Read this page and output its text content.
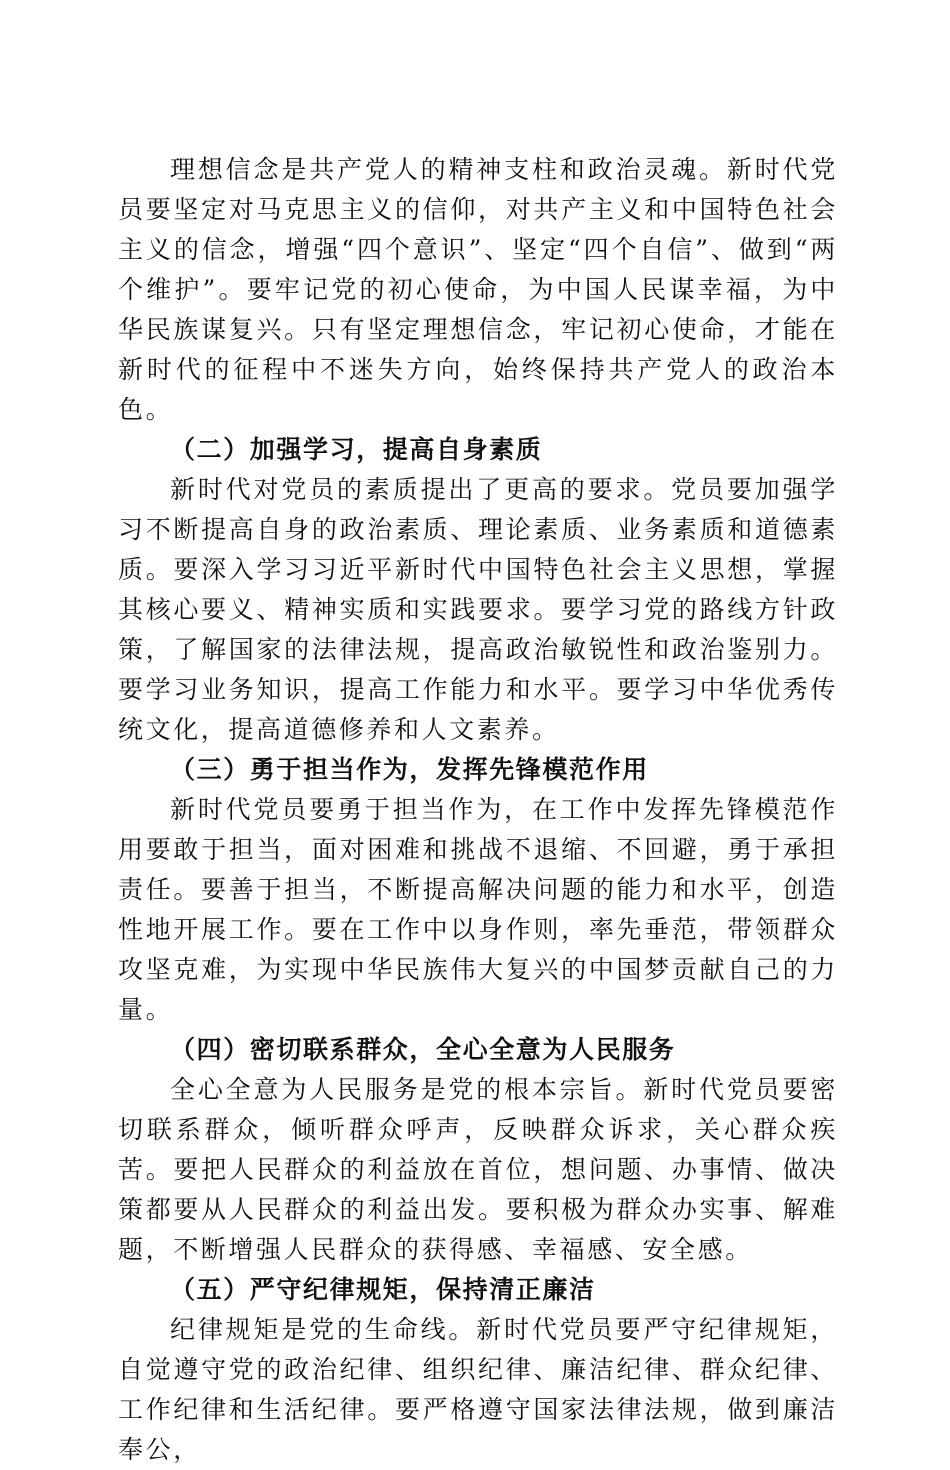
理想信念是共产党人的精神支柱和政治灵魂。新时代党员要坚定对马克思主义的信仰，对共产主义和中国特色社会主义的信念，增强“四个意识”、坚定“四个自信”、做到“两个维护”。要牢记党的初心使命，为中国人民谋幸福，为中华民族谋复兴。只有坚定理想信念，牢记初心使命，才能在新时代的征程中不迷失方向，始终保持共产党人的政治本色。

（二）加强学习，提高自身素质

新时代对党员的素质提出了更高的要求。党员要加强学习不断提高自身的政治素质、理论素质、业务素质和道德素质。要深入学习习近平新时代中国特色社会主义思想，掌握其核心要义、精神实质和实践要求。要学习党的路线方针政策，了解国家的法律法规，提高政治敏锐性和政治鉴别力。要学习业务知识，提高工作能力和水平。要学习中华优秀传统文化，提高道德修养和人文素养。

（三）勇于担当作为，发挥先锋模范作用

新时代党员要勇于担当作为，在工作中发挥先锋模范作用要敢于担当，面对困难和挑战不退缩、不回避，勇于承担责任。要善于担当，不断提高解决问题的能力和水平，创造性地开展工作。要在工作中以身作则，率先垂范，带领群众攻坚克难，为实现中华民族伟大复兴的中国梦贡献自己的力量。

（四）密切联系群众，全心全意为人民服务

全心全意为人民服务是党的根本宗旨。新时代党员要密切联系群众，倾听群众呼声，反映群众诉求，关心群众疾苦。要把人民群众的利益放在首位，想问题、办事情、做决策都要从人民群众的利益出发。要积极为群众办实事、解难题，不断增强人民群众的获得感、幸福感、安全感。

（五）严守纪律规矩，保持清正廉洁

纪律规矩是党的生命线。新时代党员要严守纪律规矩，自觉遵守党的政治纪律、组织纪律、廉洁纪律、群众纪律、工作纪律和生活纪律。要严格遵守国家法律法规，做到廉洁奉公，
